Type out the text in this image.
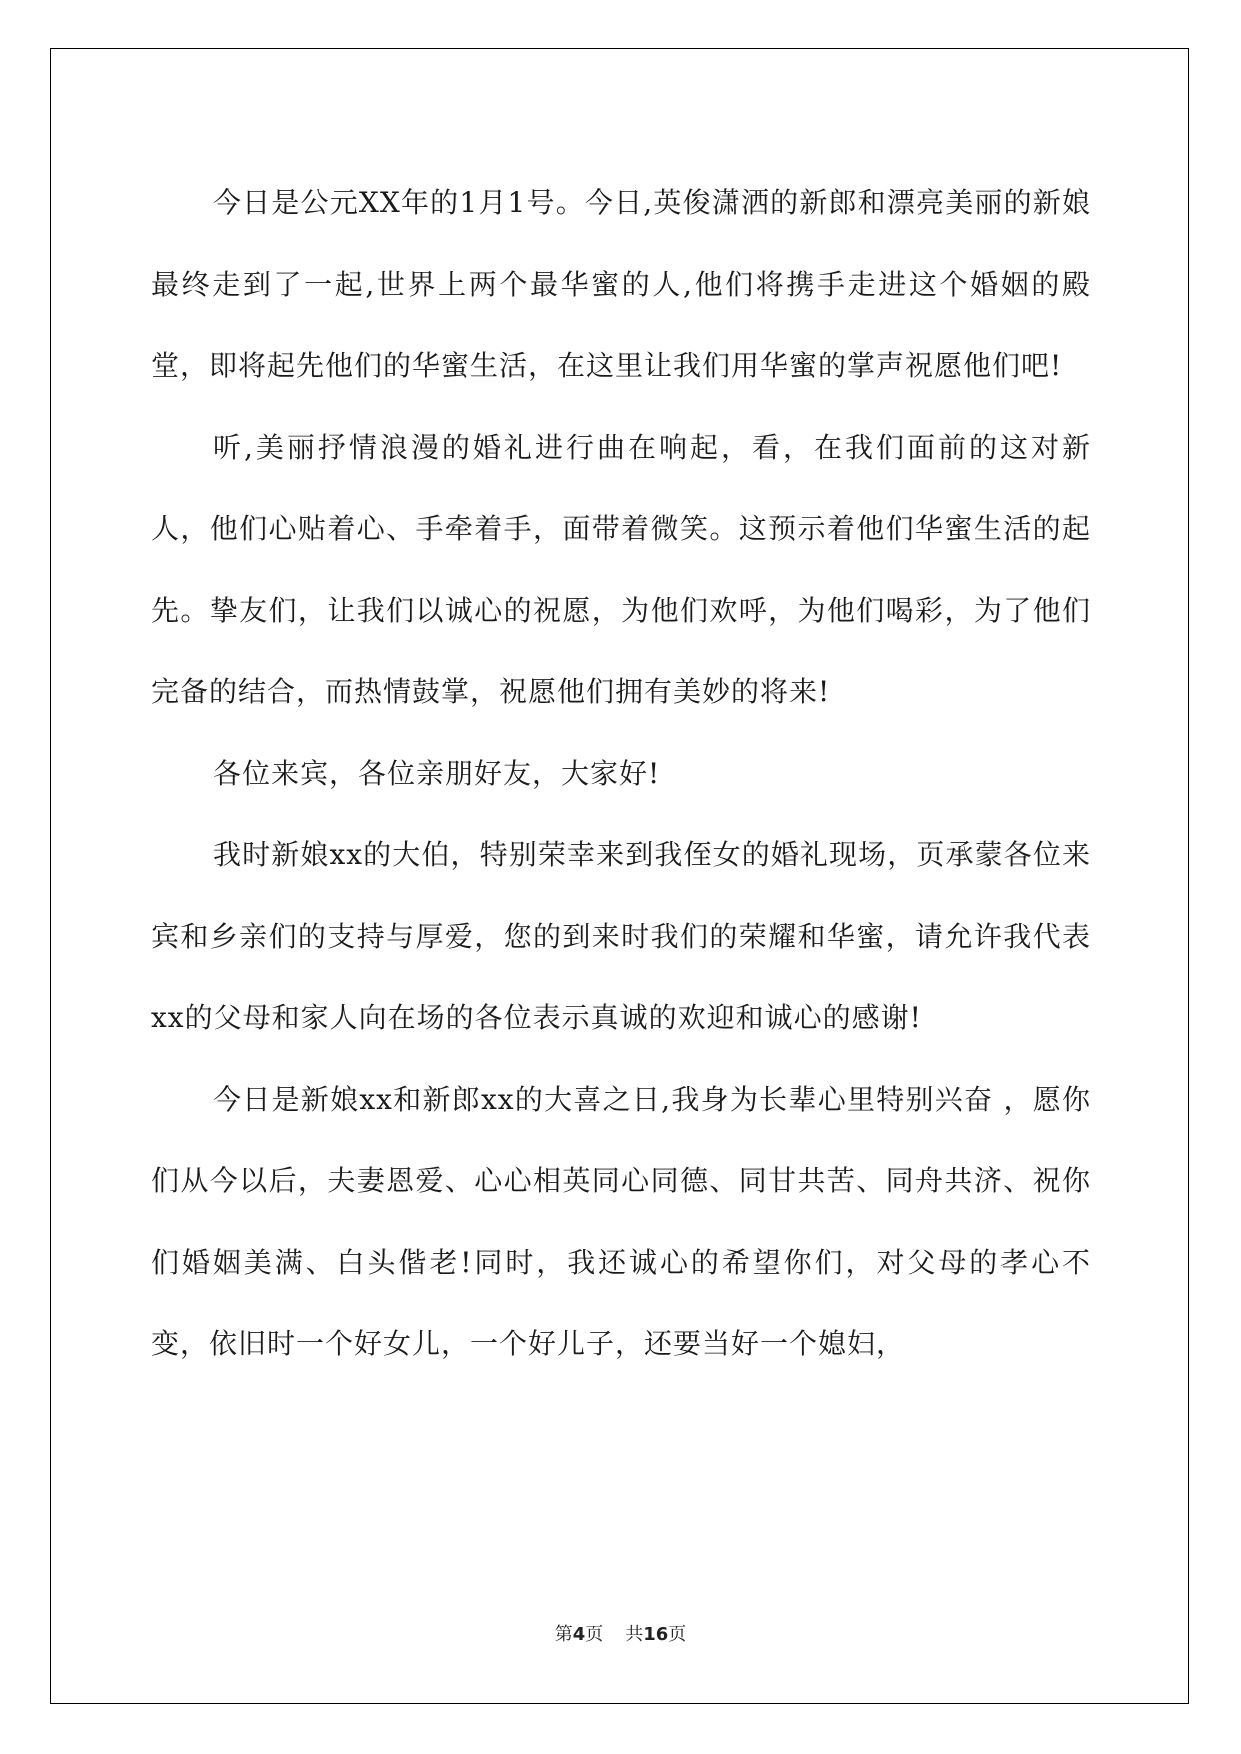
今日是公元XX年的1月1号。今日,英俊潇洒的新郎和漂亮美丽的新娘最终走到了一起,世界上两个最华蜜的人,他们将携手走进这个婚姻的殿堂，即将起先他们的华蜜生活，在这里让我们用华蜜的掌声祝愿他们吧!

听,美丽抒情浪漫的婚礼进行曲在响起，看，在我们面前的这对新人，他们心贴着心、手牵着手，面带着微笑。这预示着他们华蜜生活的起先。挚友们，让我们以诚心的祝愿，为他们欢呼，为他们喝彩，为了他们完备的结合，而热情鼓掌，祝愿他们拥有美妙的将来!

各位来宾，各位亲朋好友，大家好!

我时新娘xx的大伯，特别荣幸来到我侄女的婚礼现场，页承蒙各位来宾和乡亲们的支持与厚爱，您的到来时我们的荣耀和华蜜，请允许我代表xx的父母和家人向在场的各位表示真诚的欢迎和诚心的感谢!

今日是新娘xx和新郎xx的大喜之日,我身为长辈心里特别兴奋 ，愿你们从今以后，夫妻恩爱、心心相英同心同德、同甘共苦、同舟共济、祝你们婚姻美满、白头偕老!同时，我还诚心的希望你们，对父母的孝心不变，依旧时一个好女儿，一个好儿子，还要当好一个媳妇，

第4页 共16页
